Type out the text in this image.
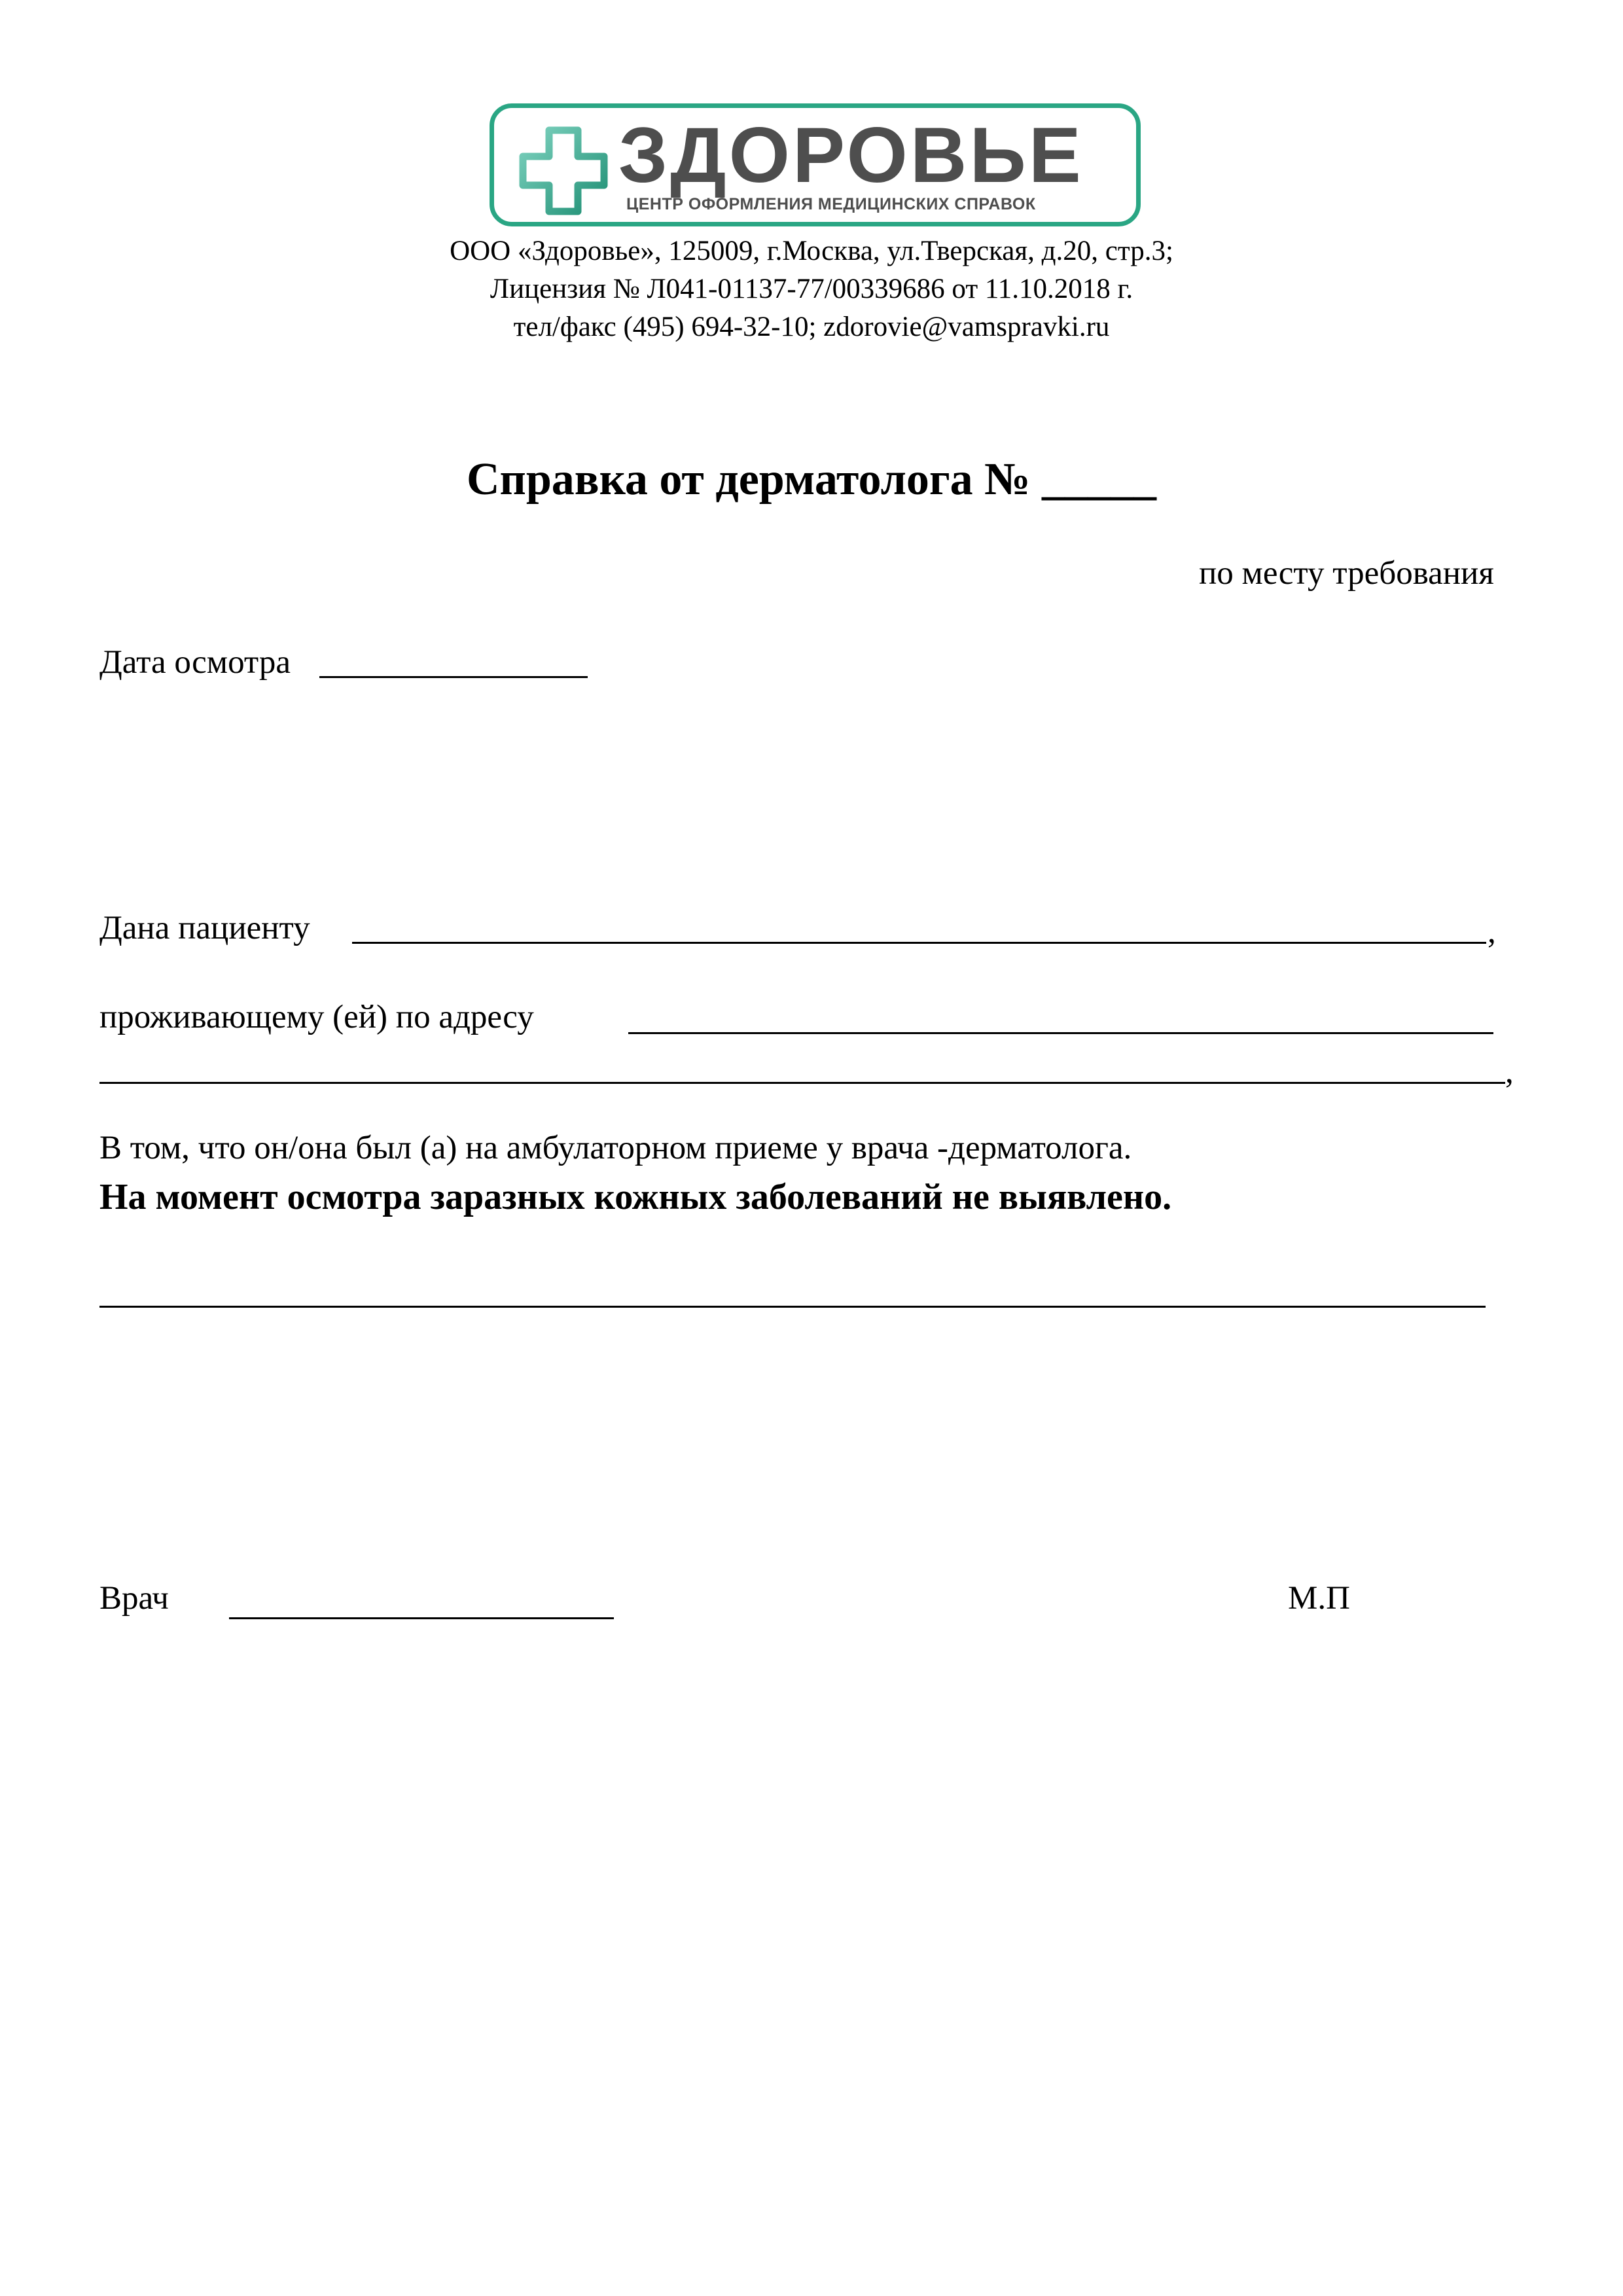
ЗДОРОВЬЕ
ЦЕНТР ОФОРМЛЕНИЯ МЕДИЦИНСКИХ СПРАВОК
ООО «Здоровье», 125009, г.Москва, ул.Тверская, д.20, стр.3;
Лицензия № Л041-01137-77/00339686 от 11.10.2018 г.
тел/факс (495) 694-32-10; zdorovie@vamspravki.ru
Справка от дерматолога № _____
по месту требования
Дата осмотра
Дана пациенту	,
проживающему (ей) по адресу
,
В том, что он/она был (а) на амбулаторном приеме у врача -дерматолога.
На момент осмотра заразных кожных заболеваний не выявлено.
Врач	М.П
